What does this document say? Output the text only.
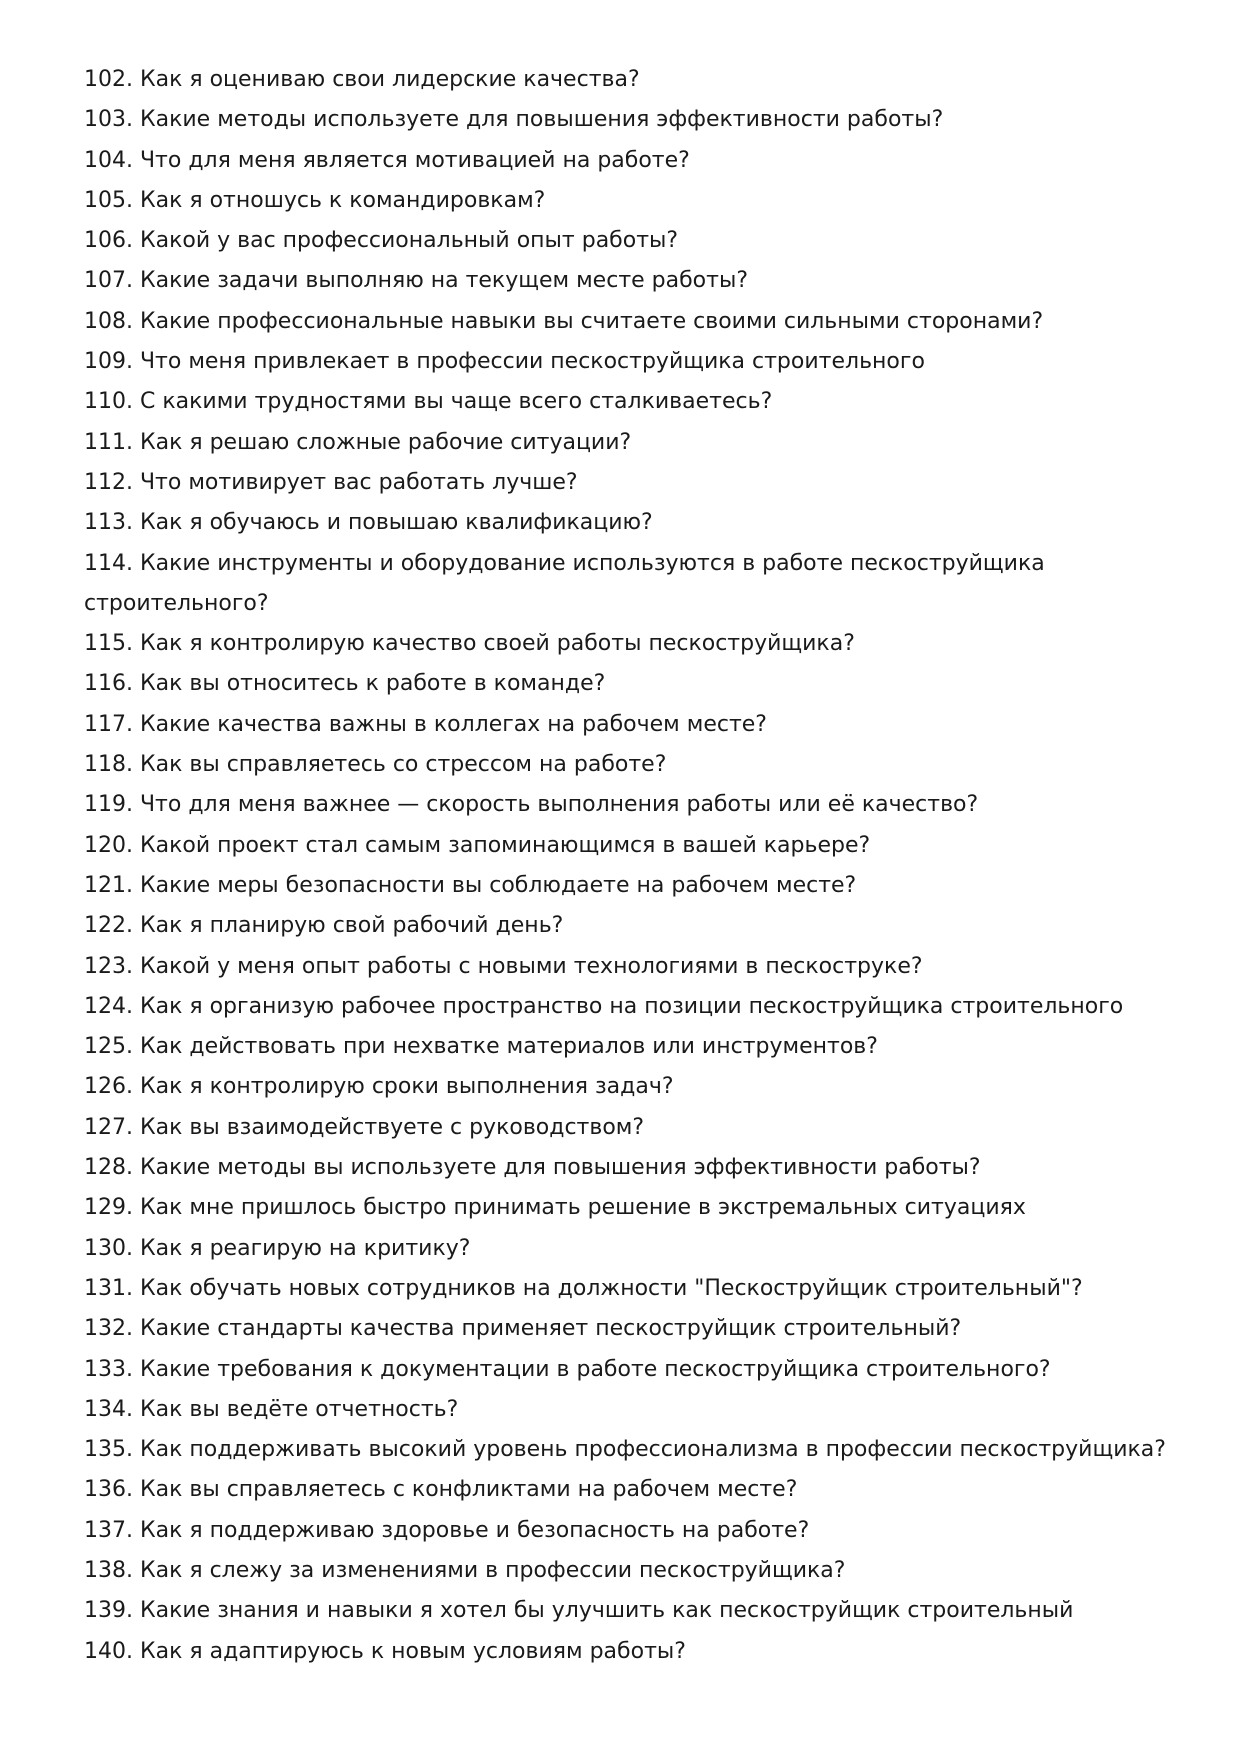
102. Как я оцениваю свои лидерские качества?
103. Какие методы используете для повышения эффективности работы?
104. Что для меня является мотивацией на работе?
105. Как я отношусь к командировкам?
106. Какой у вас профессиональный опыт работы?
107. Какие задачи выполняю на текущем месте работы?
108. Какие профессиональные навыки вы считаете своими сильными сторонами?
109. Что меня привлекает в профессии пескоструйщика строительного
110. С какими трудностями вы чаще всего сталкиваетесь?
111. Как я решаю сложные рабочие ситуации?
112. Что мотивирует вас работать лучше?
113. Как я обучаюсь и повышаю квалификацию?
114. Какие инструменты и оборудование используются в работе пескоструйщика строительного?
115. Как я контролирую качество своей работы пескоструйщика?
116. Как вы относитесь к работе в команде?
117. Какие качества важны в коллегах на рабочем месте?
118. Как вы справляетесь со стрессом на работе?
119. Что для меня важнее — скорость выполнения работы или её качество?
120. Какой проект стал самым запоминающимся в вашей карьере?
121. Какие меры безопасности вы соблюдаете на рабочем месте?
122. Как я планирую свой рабочий день?
123. Какой у меня опыт работы с новыми технологиями в пескострукe?
124. Как я организую рабочее пространство на позиции пескоструйщика строительного
125. Как действовать при нехватке материалов или инструментов?
126. Как я контролирую сроки выполнения задач?
127. Как вы взаимодействуете с руководством?
128. Какие методы вы используете для повышения эффективности работы?
129. Как мне пришлось быстро принимать решение в экстремальных ситуациях
130. Как я реагирую на критику?
131. Как обучать новых сотрудников на должности "Пескоструйщик строительный"?
132. Какие стандарты качества применяет пескоструйщик строительный?
133. Какие требования к документации в работе пескоструйщика строительного?
134. Как вы ведёте отчетность?
135. Как поддерживать высокий уровень профессионализма в профессии пескоструйщика?
136. Как вы справляетесь с конфликтами на рабочем месте?
137. Как я поддерживаю здоровье и безопасность на работе?
138. Как я слежу за изменениями в профессии пескоструйщика?
139. Какие знания и навыки я хотел бы улучшить как пескоструйщик строительный
140. Как я адаптируюсь к новым условиям работы?
